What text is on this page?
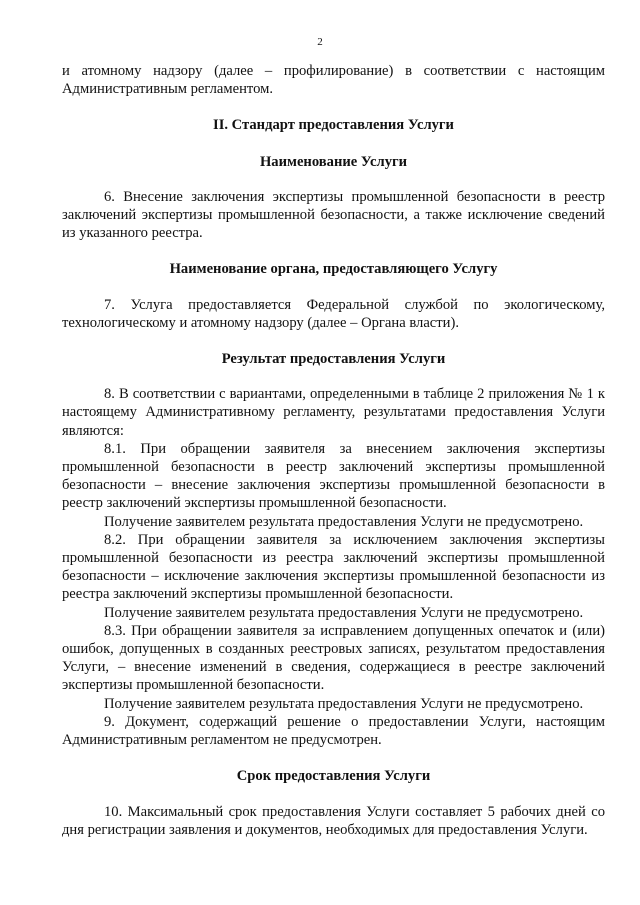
2

и атомному надзору (далее – профилирование) в соответствии с настоящим Административным регламентом.

II. Стандарт предоставления Услуги
Наименование Услуги

6. Внесение заключения экспертизы промышленной безопасности в реестр заключений экспертизы промышленной безопасности, а также исключение сведений из указанного реестра.

Наименование органа, предоставляющего Услугу

7. Услуга предоставляется Федеральной службой по экологическому, технологическому и атомному надзору (далее – Органа власти).

Результат предоставления Услуги

8. В соответствии с вариантами, определенными в таблице 2 приложения № 1 к настоящему Административному регламенту, результатами предоставления Услуги являются:

8.1. При обращении заявителя за внесением заключения экспертизы промышленной безопасности в реестр заключений экспертизы промышленной безопасности – внесение заключения экспертизы промышленной безопасности в реестр заключений экспертизы промышленной безопасности.

Получение заявителем результата предоставления Услуги не предусмотрено.

8.2. При обращении заявителя за исключением заключения экспертизы промышленной безопасности из реестра заключений экспертизы промышленной безопасности – исключение заключения экспертизы промышленной безопасности из реестра заключений экспертизы промышленной безопасности.

Получение заявителем результата предоставления Услуги не предусмотрено.

8.3. При обращении заявителя за исправлением допущенных опечаток и (или) ошибок, допущенных в созданных реестровых записях, результатом предоставления Услуги, – внесение изменений в сведения, содержащиеся в реестре заключений экспертизы промышленной безопасности.

Получение заявителем результата предоставления Услуги не предусмотрено.

9. Документ, содержащий решение о предоставлении Услуги, настоящим Административным регламентом не предусмотрен.

Срок предоставления Услуги

10. Максимальный срок предоставления Услуги составляет 5 рабочих дней со дня регистрации заявления и документов, необходимых для предоставления Услуги.
